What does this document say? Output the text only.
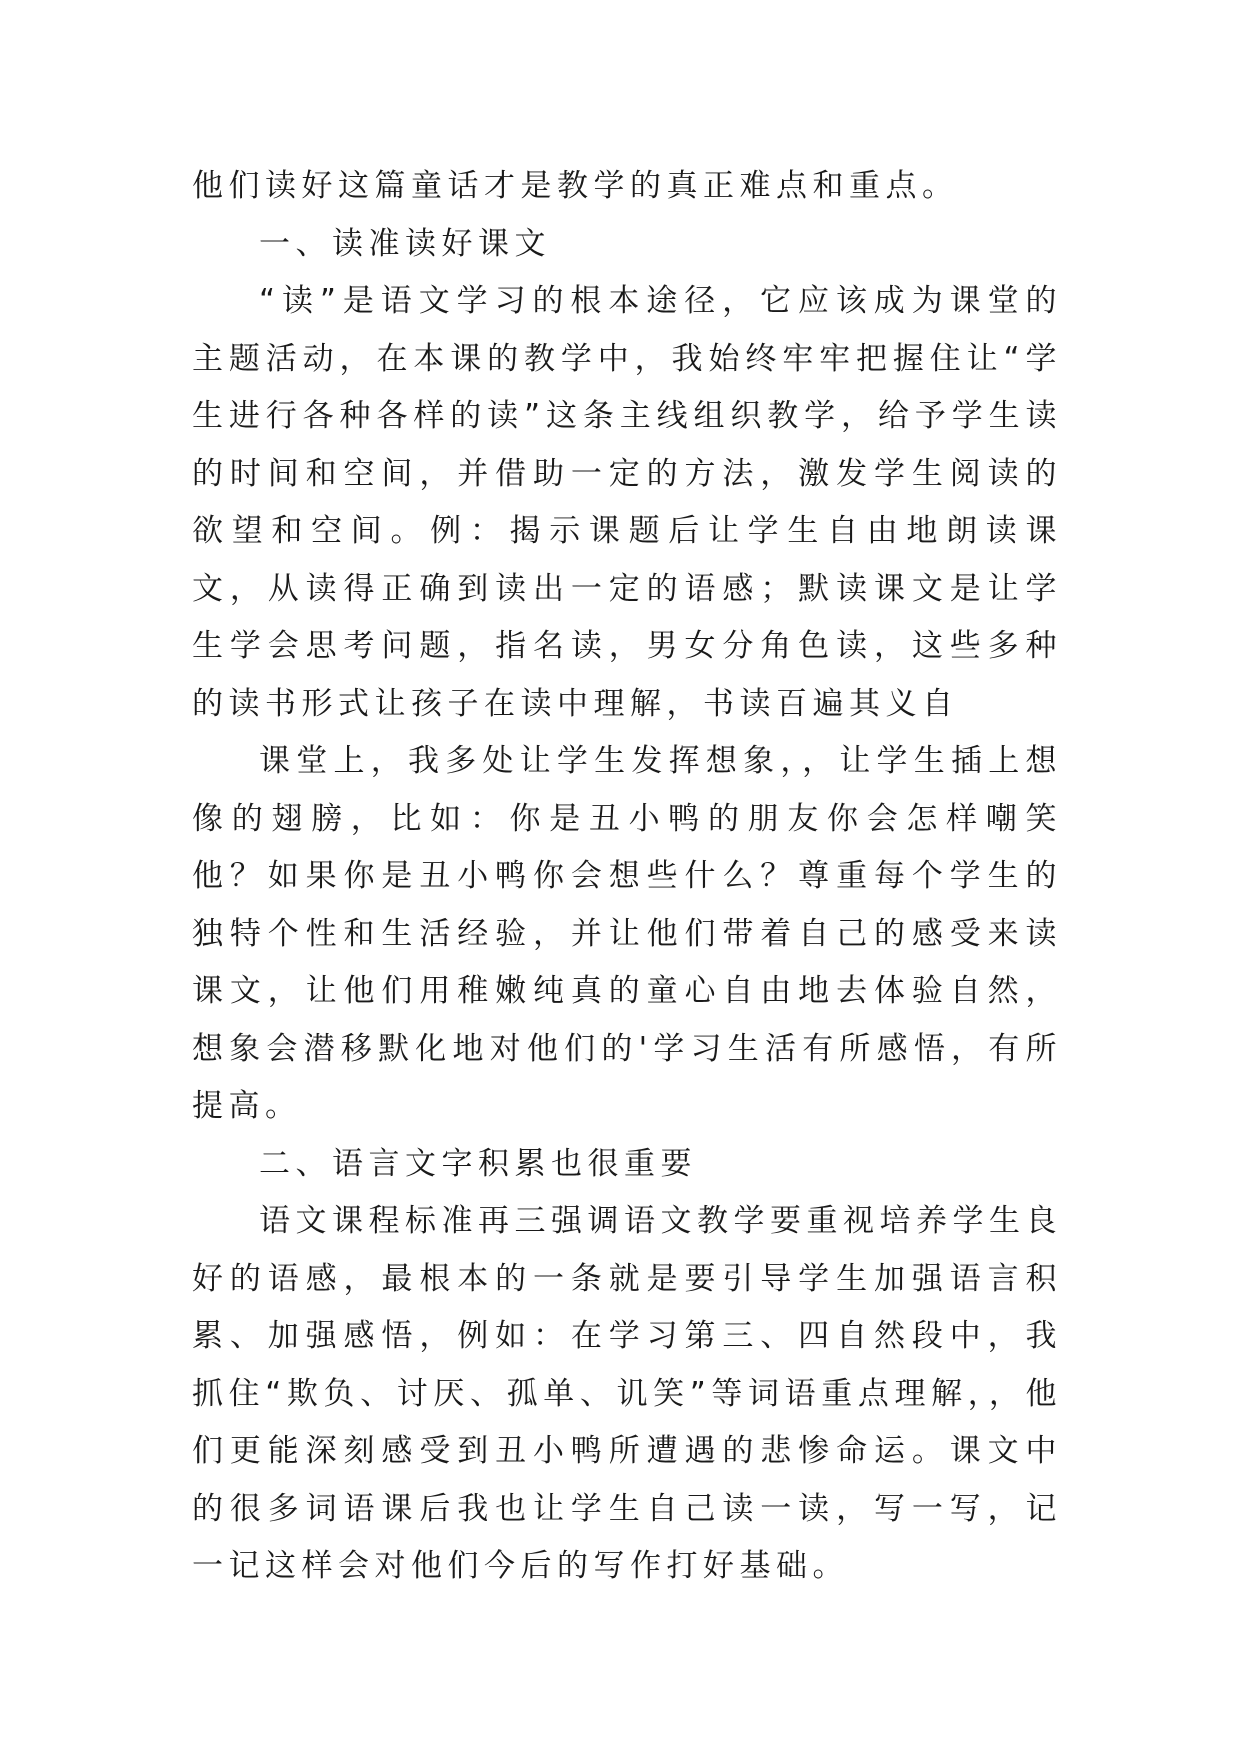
他们读好这篇童话才是教学的真正难点和重点。

一、读准读好课文

“读”是语文学习的根本途径，它应该成为课堂的主题活动，在本课的教学中，我始终牢牢把握住让“学生进行各种各样的读”这条主线组织教学，给予学生读的时间和空间，并借助一定的方法，激发学生阅读的欲望和空间。例：揭示课题后让学生自由地朗读课文，从读得正确到读出一定的语感；默读课文是让学生学会思考问题，指名读，男女分角色读，这些多种的读书形式让孩子在读中理解，书读百遍其义自

课堂上，我多处让学生发挥想象，，让学生插上想像的翅膀，比如：你是丑小鸭的朋友你会怎样嘲笑他？如果你是丑小鸭你会想些什么？尊重每个学生的独特个性和生活经验，并让他们带着自己的感受来读课文，让他们用稚嫩纯真的童心自由地去体验自然，想象会潜移默化地对他们的'学习生活有所感悟，有所提高。

二、语言文字积累也很重要

语文课程标准再三强调语文教学要重视培养学生良好的语感，最根本的一条就是要引导学生加强语言积累、加强感悟，例如：在学习第三、四自然段中，我抓住“欺负、讨厌、孤单、讥笑”等词语重点理解，，他们更能深刻感受到丑小鸭所遭遇的悲惨命运。课文中的很多词语课后我也让学生自己读一读，写一写，记一记这样会对他们今后的写作打好基础。
